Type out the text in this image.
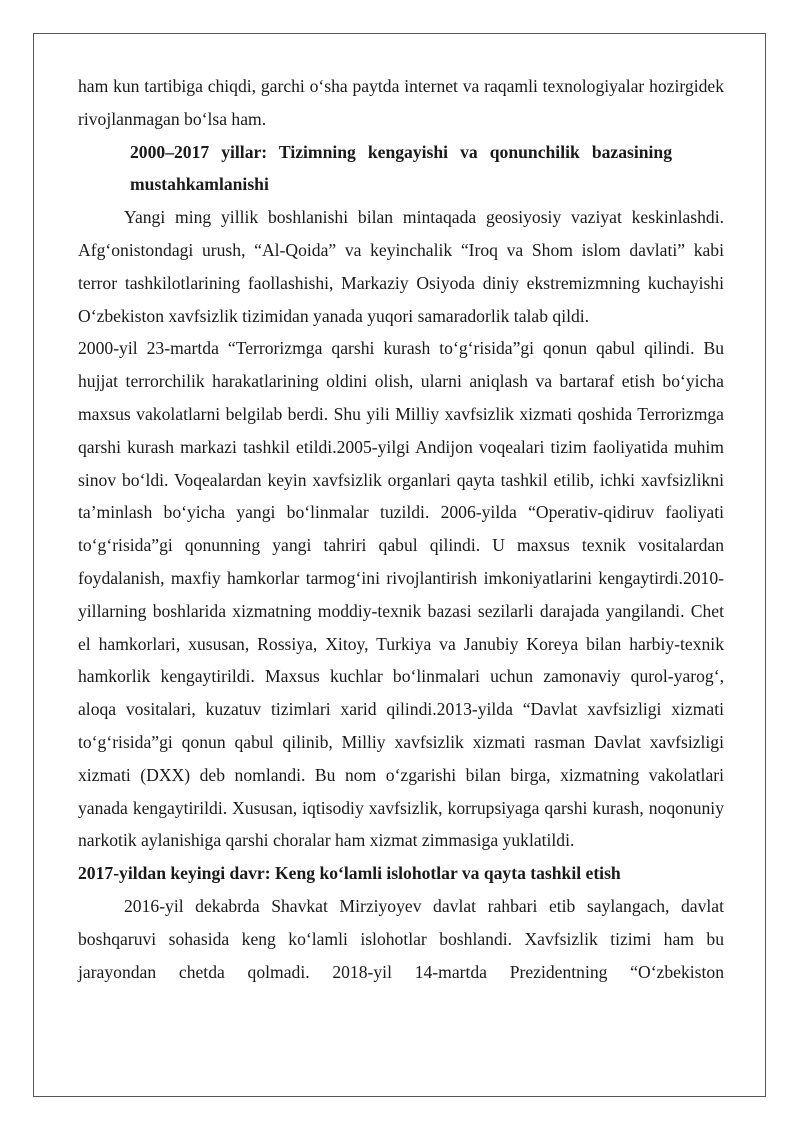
ham kun tartibiga chiqdi, garchi o‘sha paytda internet va raqamli texnologiyalar hozirgidek rivojlanmagan bo‘lsa ham.

2000–2017 yillar: Tizimning kengayishi va qonunchilik bazasining mustahkamlanishi

Yangi ming yillik boshlanishi bilan mintaqada geosiyosiy vaziyat keskinlashdi. Afg‘onistondagi urush, “Al-Qoida” va keyinchalik “Iroq va Shom islom davlati” kabi terror tashkilotlarining faollashishi, Markaziy Osiyoda diniy ekstremizmning kuchayishi O‘zbekiston xavfsizlik tizimidan yanada yuqori samaradorlik talab qildi.

2000-yil 23-martda “Terrorizmga qarshi kurash to‘g‘risida”gi qonun qabul qilindi. Bu hujjat terrorchilik harakatlarining oldini olish, ularni aniqlash va bartaraf etish bo‘yicha maxsus vakolatlarni belgilab berdi. Shu yili Milliy xavfsizlik xizmati qoshida Terrorizmga qarshi kurash markazi tashkil etildi.2005-yilgi Andijon voqealari tizim faoliyatida muhim sinov bo‘ldi. Voqealardan keyin xavfsizlik organlari qayta tashkil etilib, ichki xavfsizlikni ta’minlash bo‘yicha yangi bo‘linmalar tuzildi. 2006-yilda “Operativ-qidiruv faoliyati to‘g‘risida”gi qonunning yangi tahriri qabul qilindi. U maxsus texnik vositalardan foydalanish, maxfiy hamkorlar tarmog‘ini rivojlantirish imkoniyatlarini kengaytirdi.2010-yillarning boshlarida xizmatning moddiy-texnik bazasi sezilarli darajada yangilandi. Chet el hamkorlari, xususan, Rossiya, Xitoy, Turkiya va Janubiy Koreya bilan harbiy-texnik hamkorlik kengaytirildi. Maxsus kuchlar bo‘linmalari uchun zamonaviy qurol-yarog‘, aloqa vositalari, kuzatuv tizimlari xarid qilindi.2013-yilda “Davlat xavfsizligi xizmati to‘g‘risida”gi qonun qabul qilinib, Milliy xavfsizlik xizmati rasman Davlat xavfsizligi xizmati (DXX) deb nomlandi. Bu nom o‘zgarishi bilan birga, xizmatning vakolatlari yanada kengaytirildi. Xususan, iqtisodiy xavfsizlik, korrupsiyaga qarshi kurash, noqonuniy narkotik aylanishiga qarshi choralar ham xizmat zimmasiga yuklatildi.

2017-yildan keyingi davr: Keng ko‘lamli islohotlar va qayta tashkil etish

2016-yil dekabrda Shavkat Mirziyoyev davlat rahbari etib saylangach, davlat boshqaruvi sohasida keng ko‘lamli islohotlar boshlandi. Xavfsizlik tizimi ham bu jarayondan chetda qolmadi. 2018-yil 14-martda Prezidentning “O‘zbekiston
